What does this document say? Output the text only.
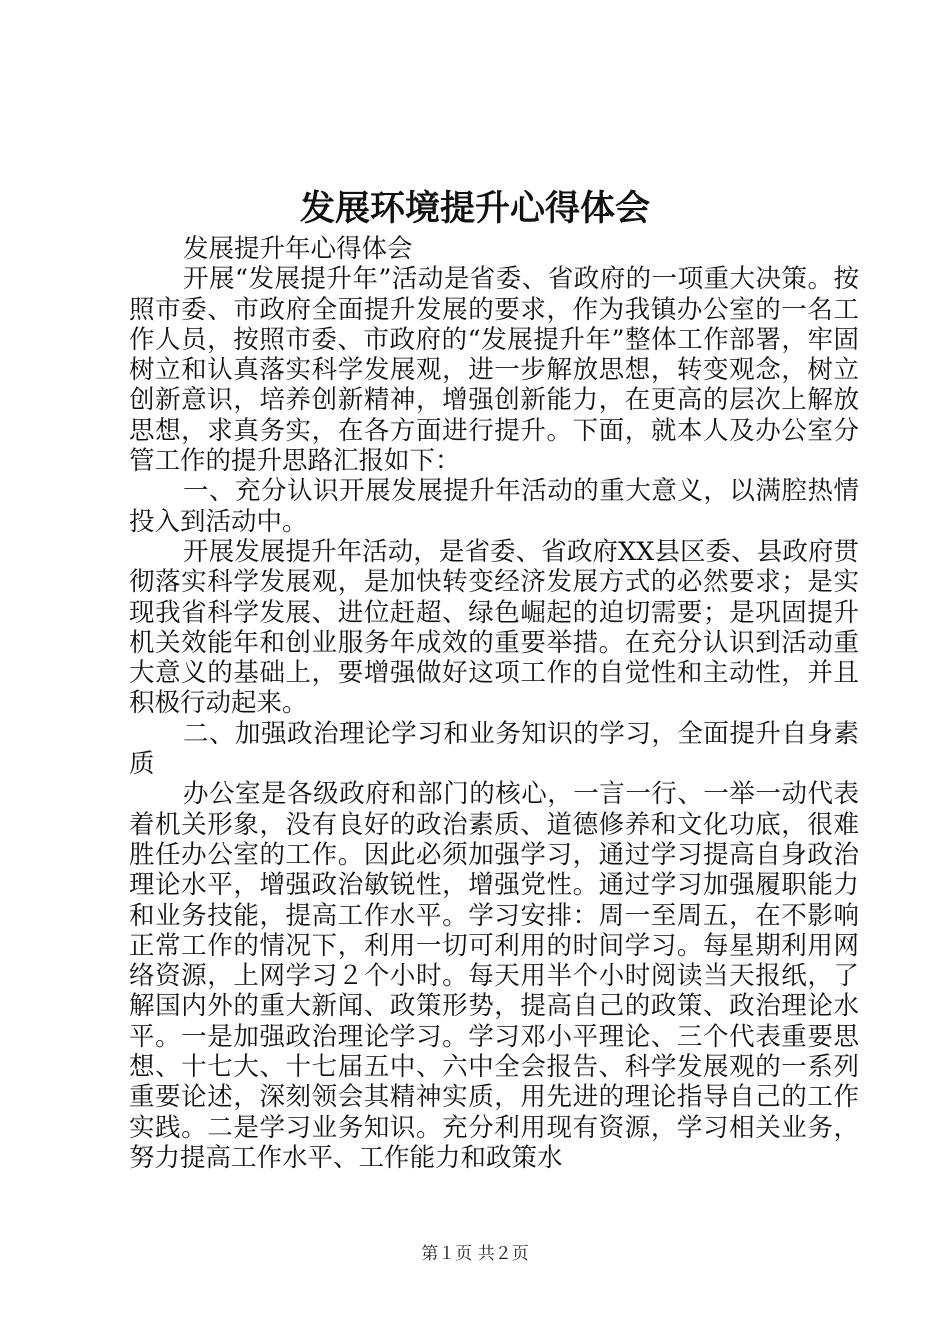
发展环境提升心得体会

发展提升年心得体会

开展“发展提升年”活动是省委、省政府的一项重大决策。按照市委、市政府全面提升发展的要求，作为我镇办公室的一名工作人员，按照市委、市政府的“发展提升年”整体工作部署，牢固树立和认真落实科学发展观，进一步解放思想，转变观念，树立创新意识，培养创新精神，增强创新能力，在更高的层次上解放思想，求真务实，在各方面进行提升。下面，就本人及办公室分管工作的提升思路汇报如下：

一、充分认识开展发展提升年活动的重大意义，以满腔热情投入到活动中。

开展发展提升年活动，是省委、省政府XX县区委、县政府贯彻落实科学发展观，是加快转变经济发展方式的必然要求；是实现我省科学发展、进位赶超、绿色崛起的迫切需要；是巩固提升机关效能年和创业服务年成效的重要举措。在充分认识到活动重大意义的基础上，要增强做好这项工作的自觉性和主动性，并且积极行动起来。

二、加强政治理论学习和业务知识的学习，全面提升自身素质

办公室是各级政府和部门的核心，一言一行、一举一动代表着机关形象，没有良好的政治素质、道德修养和文化功底，很难胜任办公室的工作。因此必须加强学习，通过学习提高自身政治理论水平，增强政治敏锐性，增强党性。通过学习加强履职能力和业务技能，提高工作水平。学习安排：周一至周五，在不影响正常工作的情况下，利用一切可利用的时间学习。每星期利用网络资源，上网学习２个小时。每天用半个小时阅读当天报纸，了解国内外的重大新闻、政策形势，提高自己的政策、政治理论水平。一是加强政治理论学习。学习邓小平理论、三个代表重要思想、十七大、十七届五中、六中全会报告、科学发展观的一系列重要论述，深刻领会其精神实质，用先进的理论指导自己的工作实践。二是学习业务知识。充分利用现有资源，学习相关业务，努力提高工作水平、工作能力和政策水

第１页 共２页
